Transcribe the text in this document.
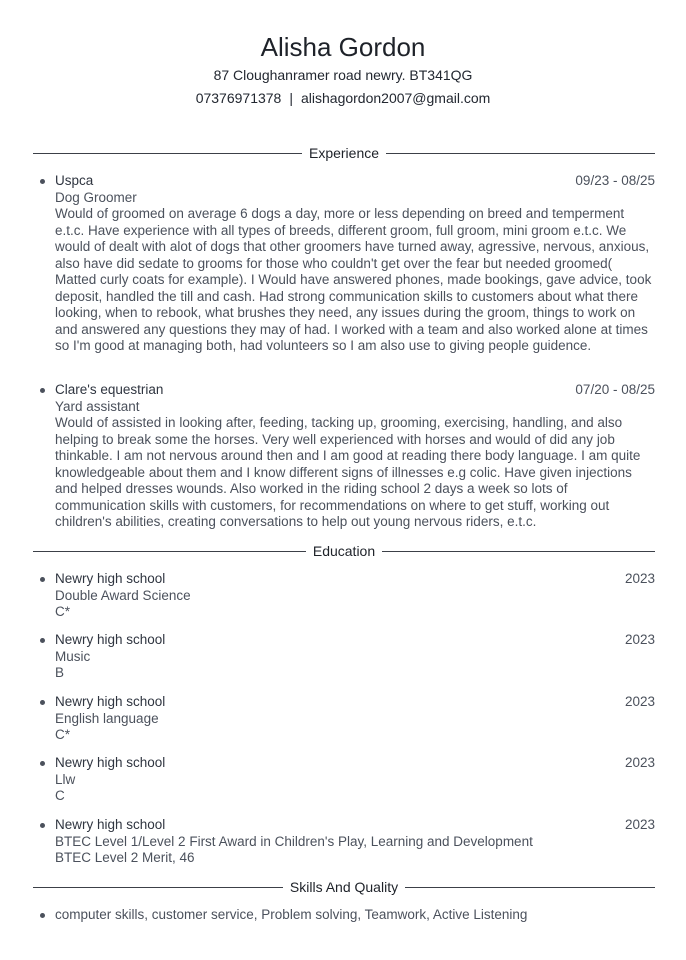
Alisha Gordon

87 Cloughanramer road newry. BT341QG

07376971378 | alishagordon2007@gmail.com

Experience
Uspca	09/23 - 08/25
Dog Groomer

Would of groomed on average 6 dogs a day, more or less depending on breed and temperment e.t.c. Have experience with all types of breeds, different groom, full groom, mini groom e.t.c. We would of dealt with alot of dogs that other groomers have turned away, agressive, nervous, anxious, also have did sedate to grooms for those who couldn't get over the fear but needed groomed( Matted curly coats for example). I Would have answered phones, made bookings, gave advice, took deposit, handled the till and cash. Had strong communication skills to customers about what there looking, when to rebook, what brushes they need, any issues during the groom, things to work on and answered any questions they may of had. I worked with a team and also worked alone at times so I'm good at managing both, had volunteers so I am also use to giving people guidence.

Clare's equestrian	07/20 - 08/25
Yard assistant

Would of assisted in looking after, feeding, tacking up, grooming, exercising, handling, and also helping to break some the horses. Very well experienced with horses and would of did any job thinkable. I am not nervous around then and I am good at reading there body language. I am quite knowledgeable about them and I know different signs of illnesses e.g colic. Have given injections and helped dresses wounds. Also worked in the riding school 2 days a week so lots of communication skills with customers, for recommendations on where to get stuff, working out children's abilities, creating conversations to help out young nervous riders, e.t.c.

Education
Newry high school	2023
Double Award Science
C*
Newry high school	2023
Music
B
Newry high school	2023
English language
C*
Newry high school	2023
Llw
C
Newry high school	2023
BTEC Level 1/Level 2 First Award in Children's Play, Learning and Development
BTEC Level 2 Merit, 46
Skills And Quality
computer skills, customer service, Problem solving, Teamwork, Active Listening
